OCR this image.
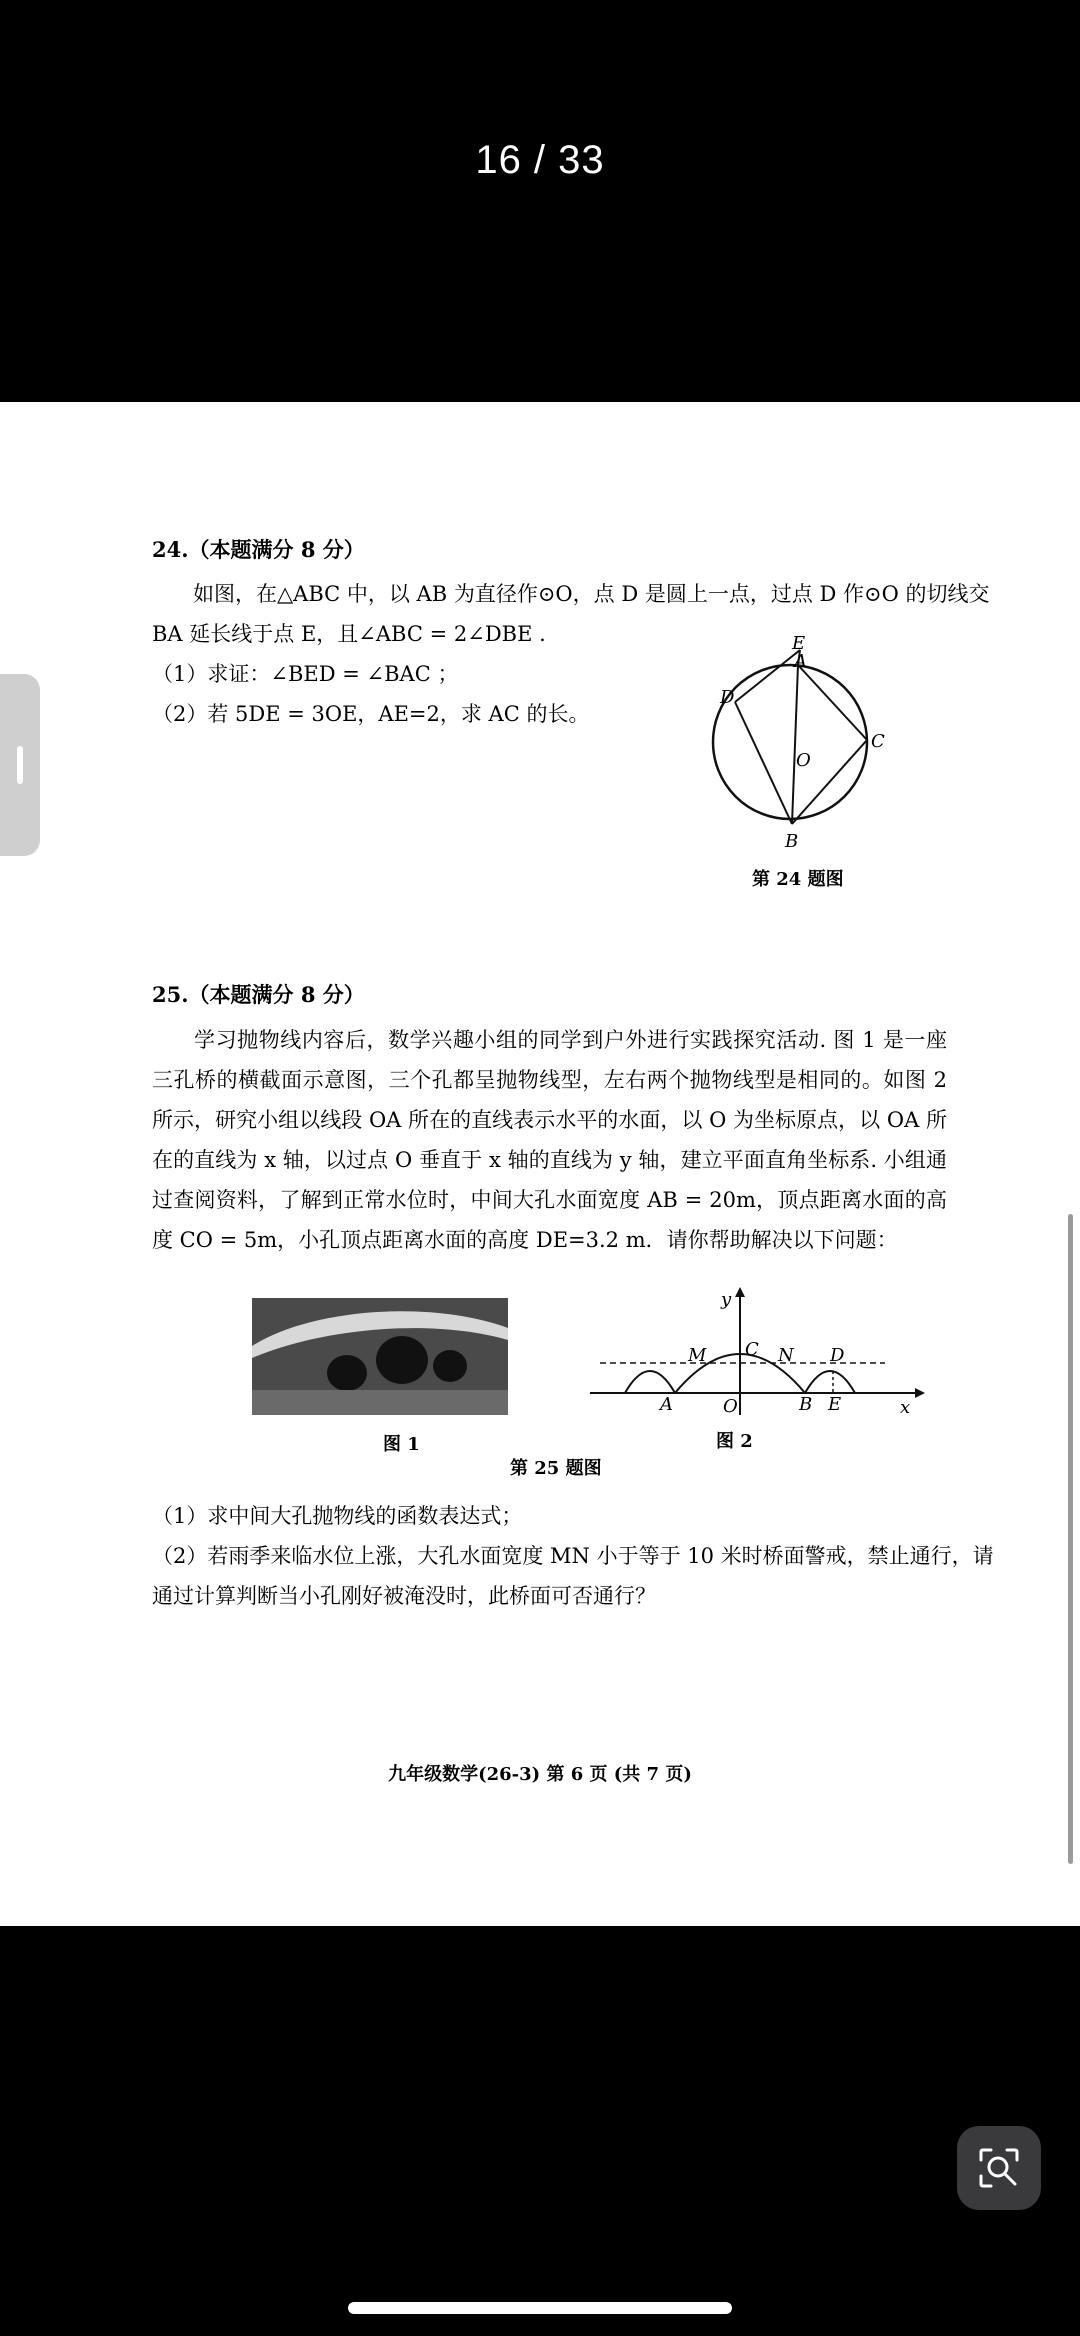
16 / 33
24.（本题满分 8 分）
如图，在△ABC 中，以 AB 为直径作⊙O，点 D 是圆上一点，过点 D 作⊙O 的切线交
BA 延长线于点 E，且∠ABC = 2∠DBE .
（1）求证：∠BED = ∠BAC ；
（2）若 5DE = 3OE，AE=2，求 AC 的长。
E
A
D
O
C
B
第 24 题图
25.（本题满分 8 分）
学习抛物线内容后，数学兴趣小组的同学到户外进行实践探究活动. 图 1 是一座三孔桥的横截面示意图，三个孔都呈抛物线型，左右两个抛物线型是相同的。如图 2 所示，研究小组以线段 OA 所在的直线表示水平的水面，以 O 为坐标原点，以 OA 所在的直线为 x 轴，以过点 O 垂直于 x 轴的直线为 y 轴，建立平面直角坐标系. 小组通过查阅资料，了解到正常水位时，中间大孔水面宽度 AB = 20m，顶点距离水面的高度 CO = 5m，小孔顶点距离水面的高度 DE=3.2 m．请你帮助解决以下问题：
图 1
y
M C N D
A	O	B E	x
图 2
第 25 题图
（1）求中间大孔抛物线的函数表达式；
（2）若雨季来临水位上涨，大孔水面宽度 MN 小于等于 10 米时桥面警戒，禁止通行，请
通过计算判断当小孔刚好被淹没时，此桥面可否通行？
九年级数学(26-3) 第 6 页 (共 7 页)
